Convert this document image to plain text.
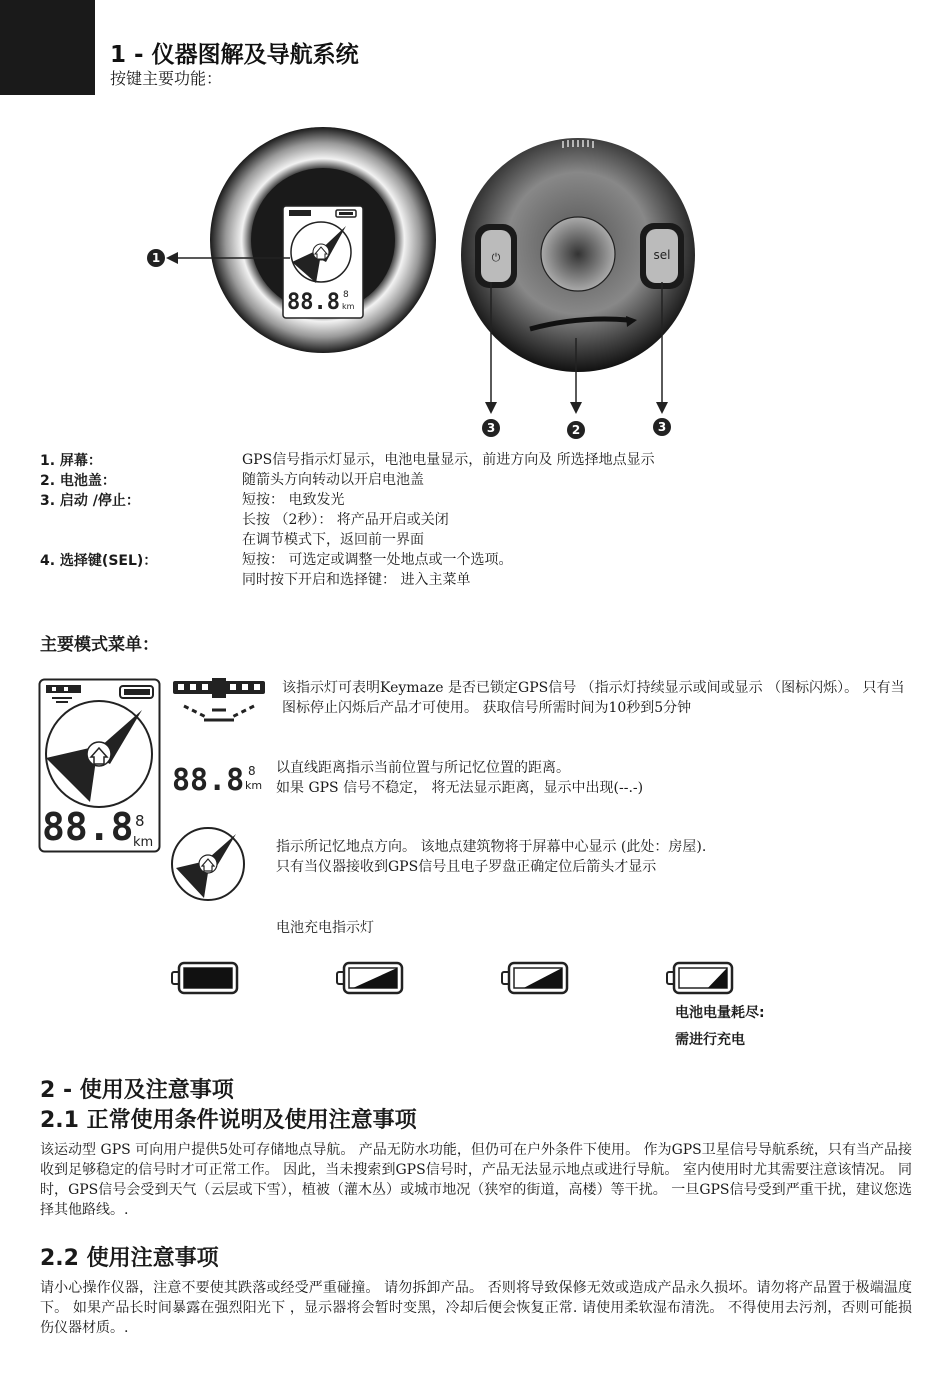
1 - 仪器图解及导航系统
按键主要功能：
88.8 8
km
1	⏻	sel
3	2	3
1. 屏幕：	GPS信号指示灯显示，电池电量显示，前进方向及 所选择地点显示
2. 电池盖：	随箭头方向转动以开启电池盖
3. 启动 /停止：	短按： 电致发光
长按 （2秒）： 将产品开启或关闭
在调节模式下，返回前一界面
4. 选择键(SEL)：	短按： 可选定或调整一处地点或一个选项。
同时按下开启和选择键： 进入主菜单
主要模式菜单：
88.8 8
km
该指示灯可表明Keymaze 是否已锁定GPS信号 （指示灯持续显示或间或显示 （图标闪烁）。 只有当图标停止闪烁后产品才可使用。 获取信号所需时间为10秒到5分钟
88.8 8
km
以直线距离指示当前位置与所记忆位置的距离。
如果 GPS 信号不稳定， 将无法显示距离，显示中出现(--.-)
指示所记忆地点方向。 该地点建筑物将于屏幕中心显示 (此处：房屋).
只有当仪器接收到GPS信号且电子罗盘正确定位后箭头才显示
电池充电指示灯
电池电量耗尽:
需进行充电
2 - 使用及注意事项
2.1 正常使用条件说明及使用注意事项
该运动型 GPS 可向用户提供5处可存储地点导航。 产品无防水功能，但仍可在户外条件下使用。 作为GPS卫星信号导航系统，只有当产品接收到足够稳定的信号时才可正常工作。 因此，当未搜索到GPS信号时，产品无法显示地点或进行导航。 室内使用时尤其需要注意该情况。 同时，GPS信号会受到天气（云层或下雪），植被（灌木丛）或城市地况（狭窄的街道，高楼）等干扰。 一旦GPS信号受到严重干扰，建议您选择其他路线。.
2.2 使用注意事项
请小心操作仪器，注意不要使其跌落或经受严重碰撞。 请勿拆卸产品。 否则将导致保修无效或造成产品永久损坏。请勿将产品置于极端温度下。 如果产品长时间暴露在强烈阳光下 ，显示器将会暂时变黑，冷却后便会恢复正常. 请使用柔软湿布清洗。 不得使用去污剂，否则可能损伤仪器材质。.
